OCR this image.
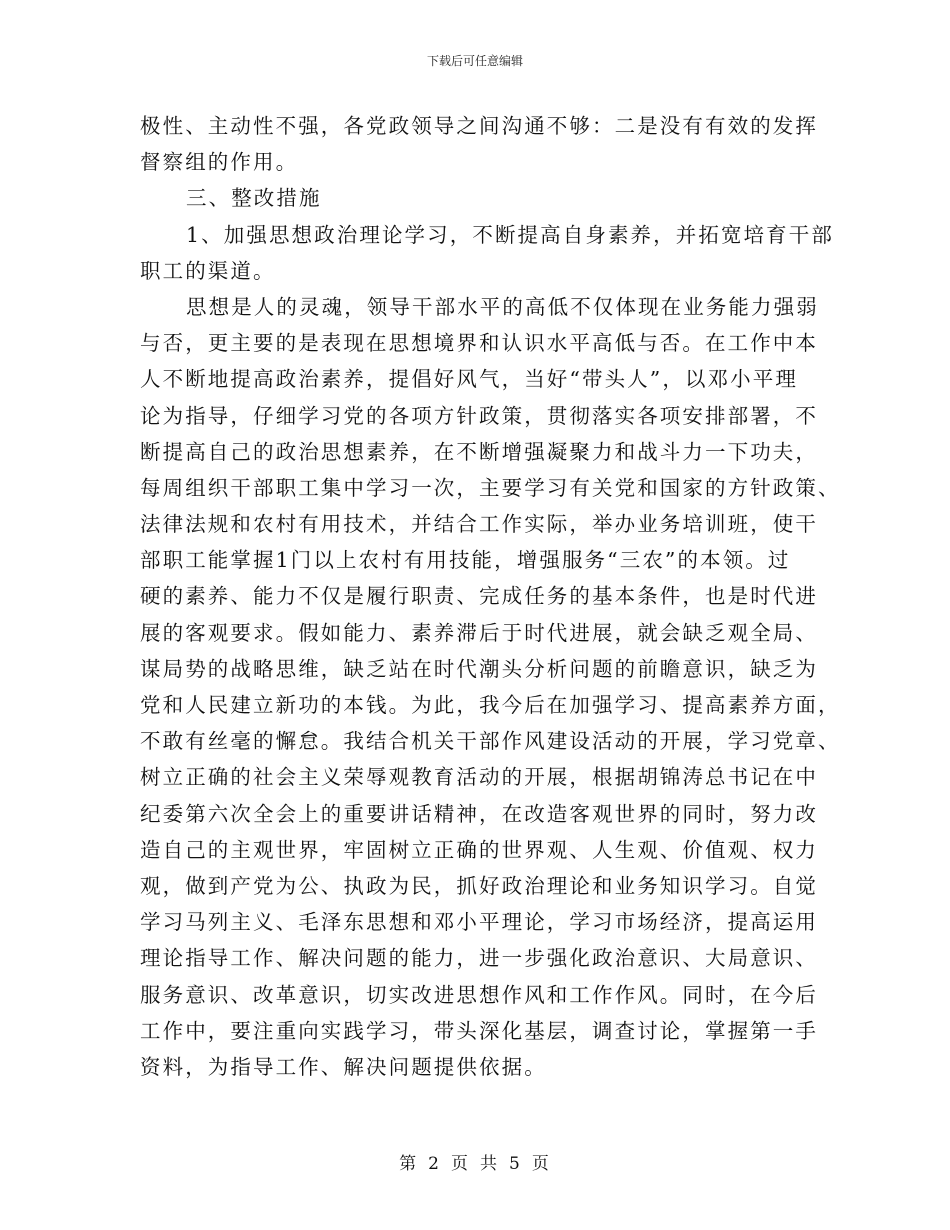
下载后可任意编辑
极性、主动性不强，各党政领导之间沟通不够：二是没有有效的发挥
督察组的作用。
三、整改措施
1、加强思想政治理论学习，不断提高自身素养，并拓宽培育干部
职工的渠道。
思想是人的灵魂，领导干部水平的高低不仅体现在业务能力强弱
与否，更主要的是表现在思想境界和认识水平高低与否。在工作中本
人不断地提高政治素养，提倡好风气，当好“带头人”，以邓小平理
论为指导，仔细学习党的各项方针政策，贯彻落实各项安排部署，不
断提高自己的政治思想素养，在不断增强凝聚力和战斗力一下功夫，
每周组织干部职工集中学习一次，主要学习有关党和国家的方针政策、
法律法规和农村有用技术，并结合工作实际，举办业务培训班，使干
部职工能掌握1门以上农村有用技能，增强服务“三农”的本领。过
硬的素养、能力不仅是履行职责、完成任务的基本条件，也是时代进
展的客观要求。假如能力、素养滞后于时代进展，就会缺乏观全局、
谋局势的战略思维，缺乏站在时代潮头分析问题的前瞻意识，缺乏为
党和人民建立新功的本钱。为此，我今后在加强学习、提高素养方面，
不敢有丝毫的懈怠。我结合机关干部作风建设活动的开展，学习党章、
树立正确的社会主义荣辱观教育活动的开展，根据胡锦涛总书记在中
纪委第六次全会上的重要讲话精神，在改造客观世界的同时，努力改
造自己的主观世界，牢固树立正确的世界观、人生观、价值观、权力
观，做到产党为公、执政为民，抓好政治理论和业务知识学习。自觉
学习马列主义、毛泽东思想和邓小平理论，学习市场经济，提高运用
理论指导工作、解决问题的能力，进一步强化政治意识、大局意识、
服务意识、改革意识，切实改进思想作风和工作作风。同时，在今后
工作中，要注重向实践学习，带头深化基层，调查讨论，掌握第一手
资料，为指导工作、解决问题提供依据。
第 2 页 共 5 页
